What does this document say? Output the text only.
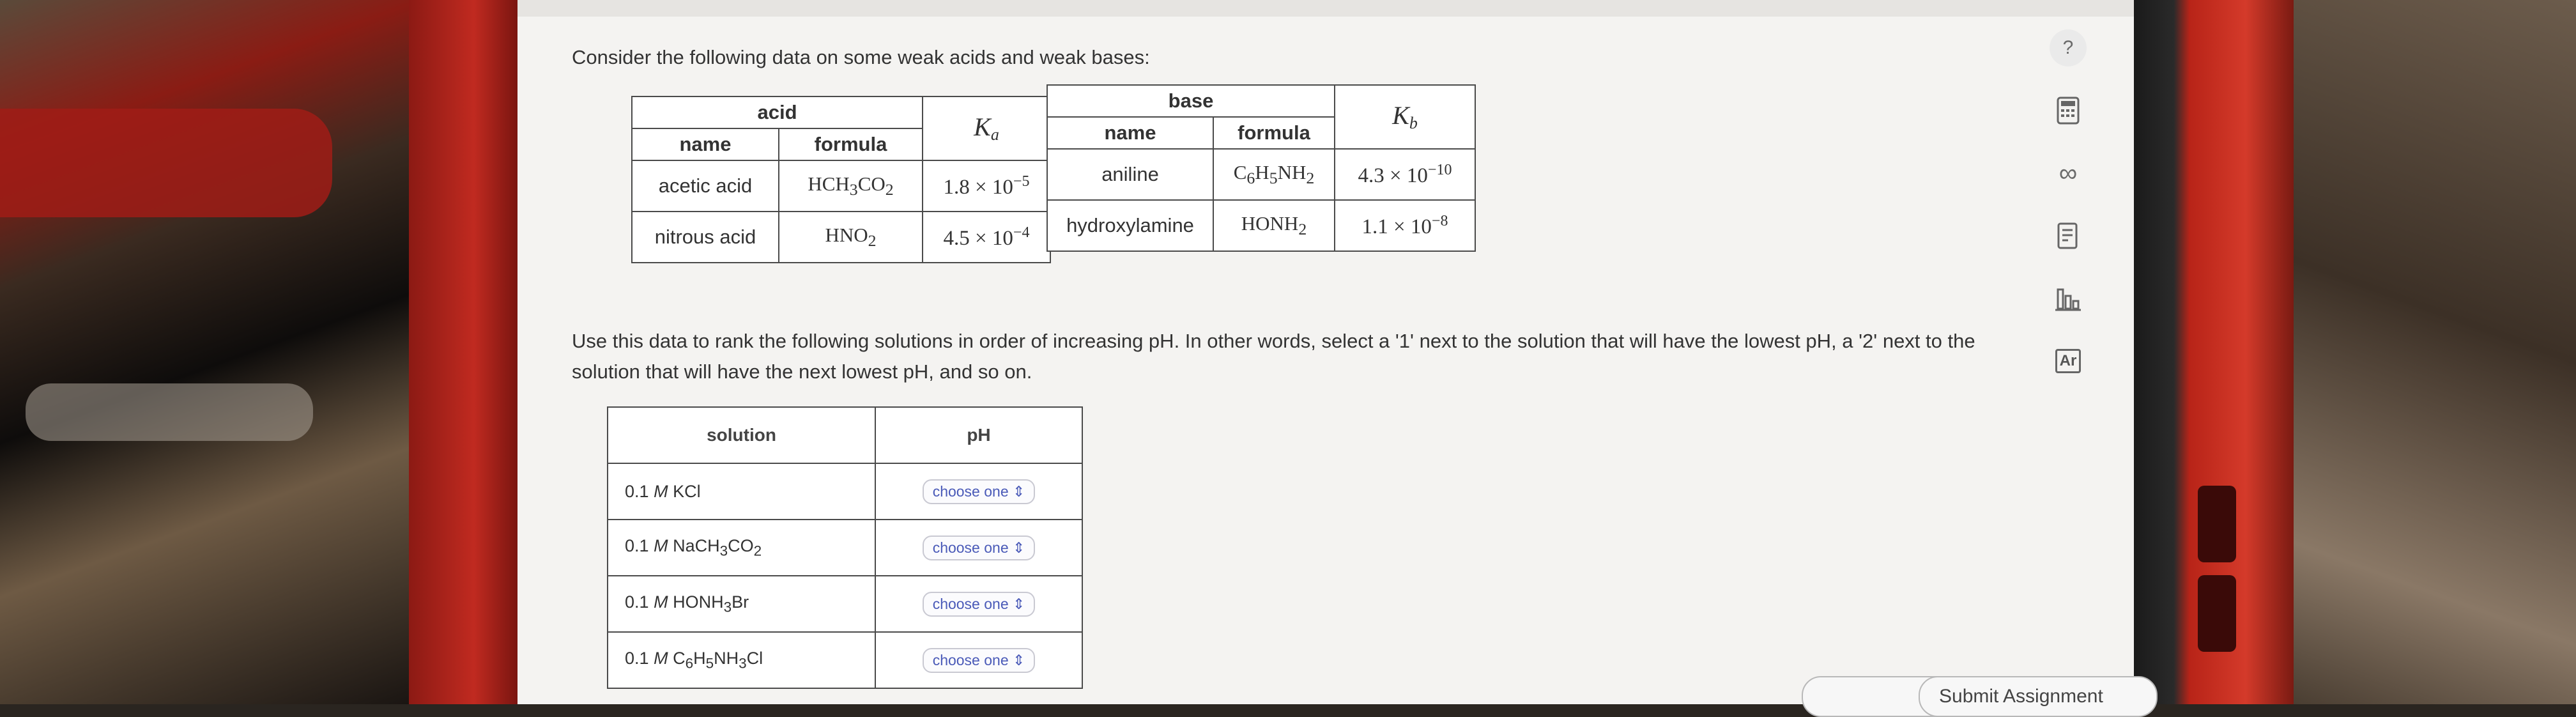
Consider the following data on some weak acids and weak bases:
acid		$K_a$
name	formula	
acetic acid	$HCH_3CO_2$	$1.8 \times 10^{-5}$
nitrous acid	$HNO_2$	$4.5 \times 10^{-4}$
base		$K_b$
name	formula	
aniline	$C_6H_5NH_2$	$4.3 \times 10^{-10}$
hydroxylamine	$HONH_2$	$1.1 \times 10^{-8}$
Use this data to rank the following solutions in order of increasing pH. In other words, select a '1' next to the solution that will have the lowest pH, a '2' next to the solution that will have the next lowest pH, and so on.
solution	pH
0.1 M KCl	choose one ⇕
0.1 M $NaCH_3CO_2$	choose one ⇕
0.1 M $HONH_3Br$	choose one ⇕
0.1 M $C_6H_5NH_3Cl$	choose one ⇕
?
∞
Ar
Submit Assignment
